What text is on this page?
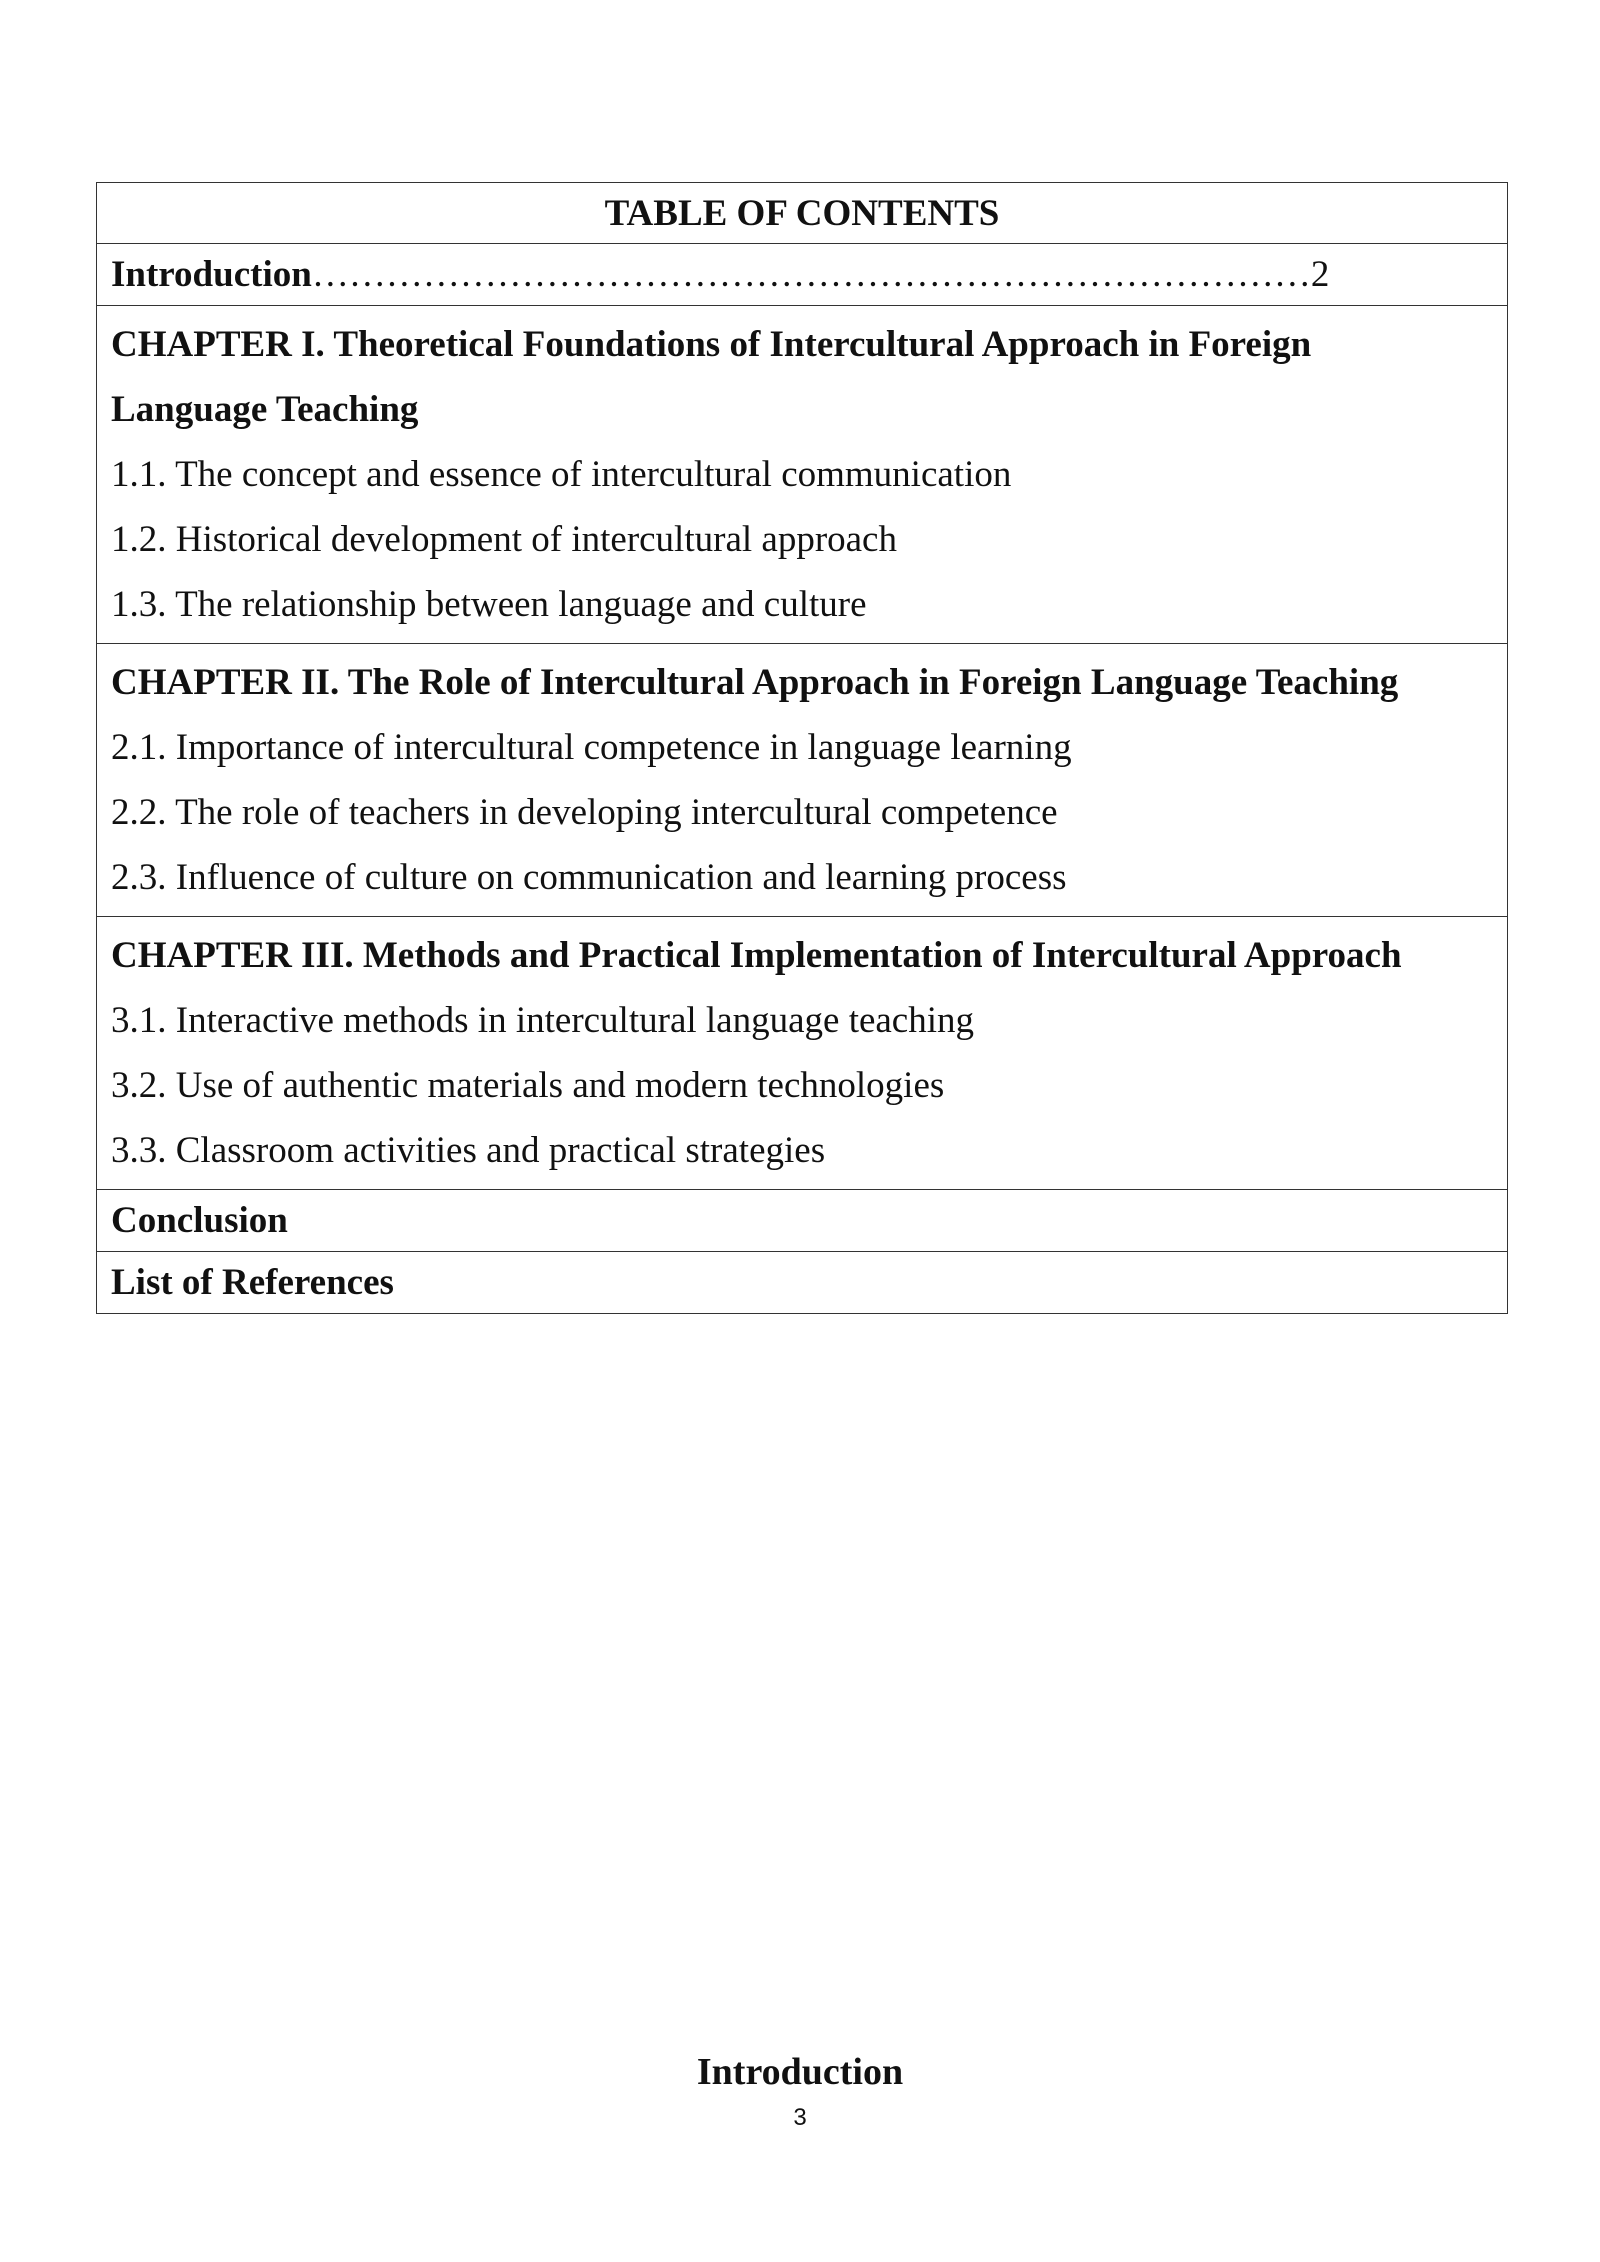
TABLE OF CONTENTS
Introduction ……………………………………………………………………… 2
CHAPTER I. Theoretical Foundations of Intercultural Approach in Foreign
Language Teaching
1.1. The concept and essence of intercultural communication
1.2. Historical development of intercultural approach
1.3. The relationship between language and culture
CHAPTER II. The Role of Intercultural Approach in Foreign Language Teaching
2.1. Importance of intercultural competence in language learning
2.2. The role of teachers in developing intercultural competence
2.3. Influence of culture on communication and learning process
CHAPTER III. Methods and Practical Implementation of Intercultural Approach
3.1. Interactive methods in intercultural language teaching
3.2. Use of authentic materials and modern technologies
3.3. Classroom activities and practical strategies
Conclusion
List of References
Introduction
3
